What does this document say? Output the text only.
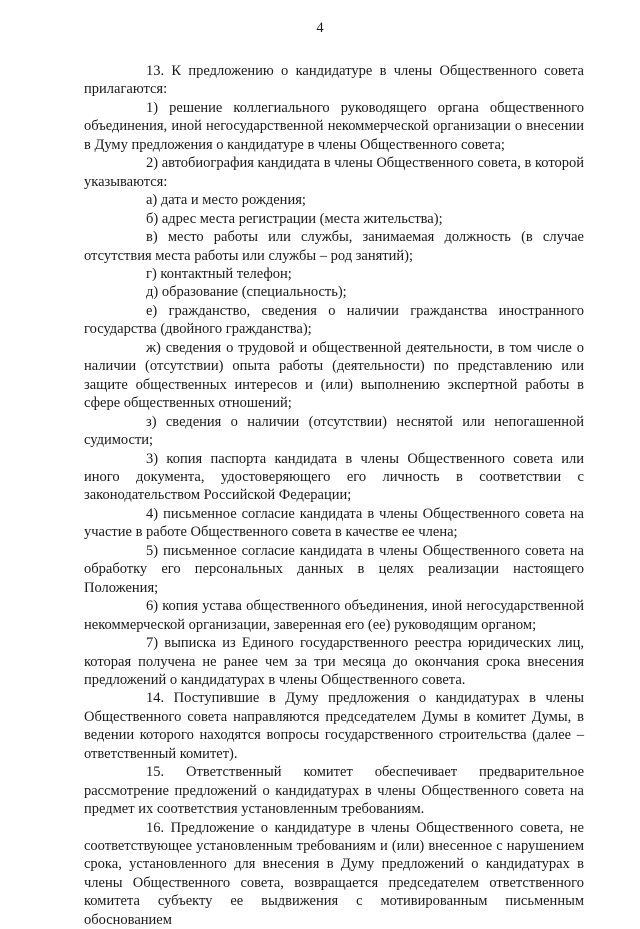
4

13. К предложению о кандидатуре в члены Общественного совета прилагаются:

1) решение коллегиального руководящего органа общественного объединения, иной негосударственной некоммерческой организации о внесении в Думу предложения о кандидатуре в члены Общественного совета;

2) автобиография кандидата в члены Общественного совета, в которой указываются:

а) дата и место рождения;

б) адрес места регистрации (места жительства);

в) место работы или службы, занимаемая должность (в случае отсутствия места работы или службы – род занятий);

г) контактный телефон;

д) образование (специальность);

е) гражданство, сведения о наличии гражданства иностранного государства (двойного гражданства);

ж) сведения о трудовой и общественной деятельности, в том числе о наличии (отсутствии) опыта работы (деятельности) по представлению или защите общественных интересов и (или) выполнению экспертной работы в сфере общественных отношений;

з) сведения о наличии (отсутствии) неснятой или непогашенной судимости;

3) копия паспорта кандидата в члены Общественного совета или иного документа, удостоверяющего его личность в соответствии с законодательством Российской Федерации;

4) письменное согласие кандидата в члены Общественного совета на участие в работе Общественного совета в качестве ее члена;

5) письменное согласие кандидата в члены Общественного совета на обработку его персональных данных в целях реализации настоящего Положения;

6) копия устава общественного объединения, иной негосударственной некоммерческой организации, заверенная его (ее) руководящим органом;

7) выписка из Единого государственного реестра юридических лиц, которая получена не ранее чем за три месяца до окончания срока внесения предложений о кандидатурах в члены Общественного совета.

14. Поступившие в Думу предложения о кандидатурах в члены Общественного совета направляются председателем Думы в комитет Думы, в ведении которого находятся вопросы государственного строительства (далее – ответственный комитет).

15. Ответственный комитет обеспечивает предварительное рассмотрение предложений о кандидатурах в члены Общественного совета на предмет их соответствия установленным требованиям.

16. Предложение о кандидатуре в члены Общественного совета, не соответствующее установленным требованиям и (или) внесенное с нарушением срока, установленного для внесения в Думу предложений о кандидатурах в члены Общественного совета, возвращается председателем ответственного комитета субъекту ее выдвижения с мотивированным письменным обоснованием
